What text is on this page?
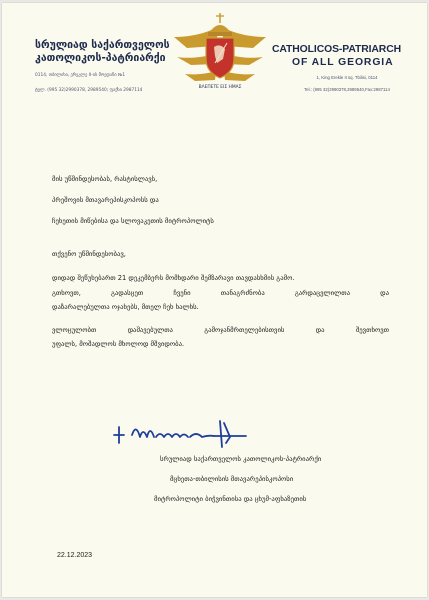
სრულიად საქართველოს
კათოლიკოს-პატრიარქი
0114, თბილისი, ერეკლე II-ის მოედანი №1
ტელ. (995 32)2990378, 2989540; ფაქსი 2987114
ΒΛΕΠΕΤΕ ΕΙΣ ΗΜΑΣ
CATHOLICOS-PATRIARCH
OF ALL GEORGIA
1, King Erekle II sq. Tbilisi, 0114
Tel.: (995 32)2990378,2989540,Fax:2987114
მის უწმინდესობას, რასტისლავს,
პრეშოვის მთავარეპისკოპოსს და
ჩეხეთის მიწებისა და სლოვაკეთის მიტროპოლიტს
თქვენო უწმინდესობავ,
დიდად შეწუხებართ 21 დეკემბერს მომხდარი შემზარავი თავდასხმის გამო.
გთხოვთ, გადასცეთ ჩვენი თანაგრძნობა გარდაცვლილთა და
დაზარალებულთა ოჯახებს, მთელ ჩეხ ხალხს.
ვლოცულობთ დაშავებულთა გამოჯანმრთელებისთვის და შევთხოვთ
უფალს, მოშადლოს მხოლოდ მშვიდობა.
სრულიად საქართველოს კათოლიკოს-პატრიარქი
მცხეთა-თბილისის მთავარეპისკოპოსი
მიტროპოლიტი ბიჭვინთისა და ცხუმ-აფხაზეთის
22.12.2023
